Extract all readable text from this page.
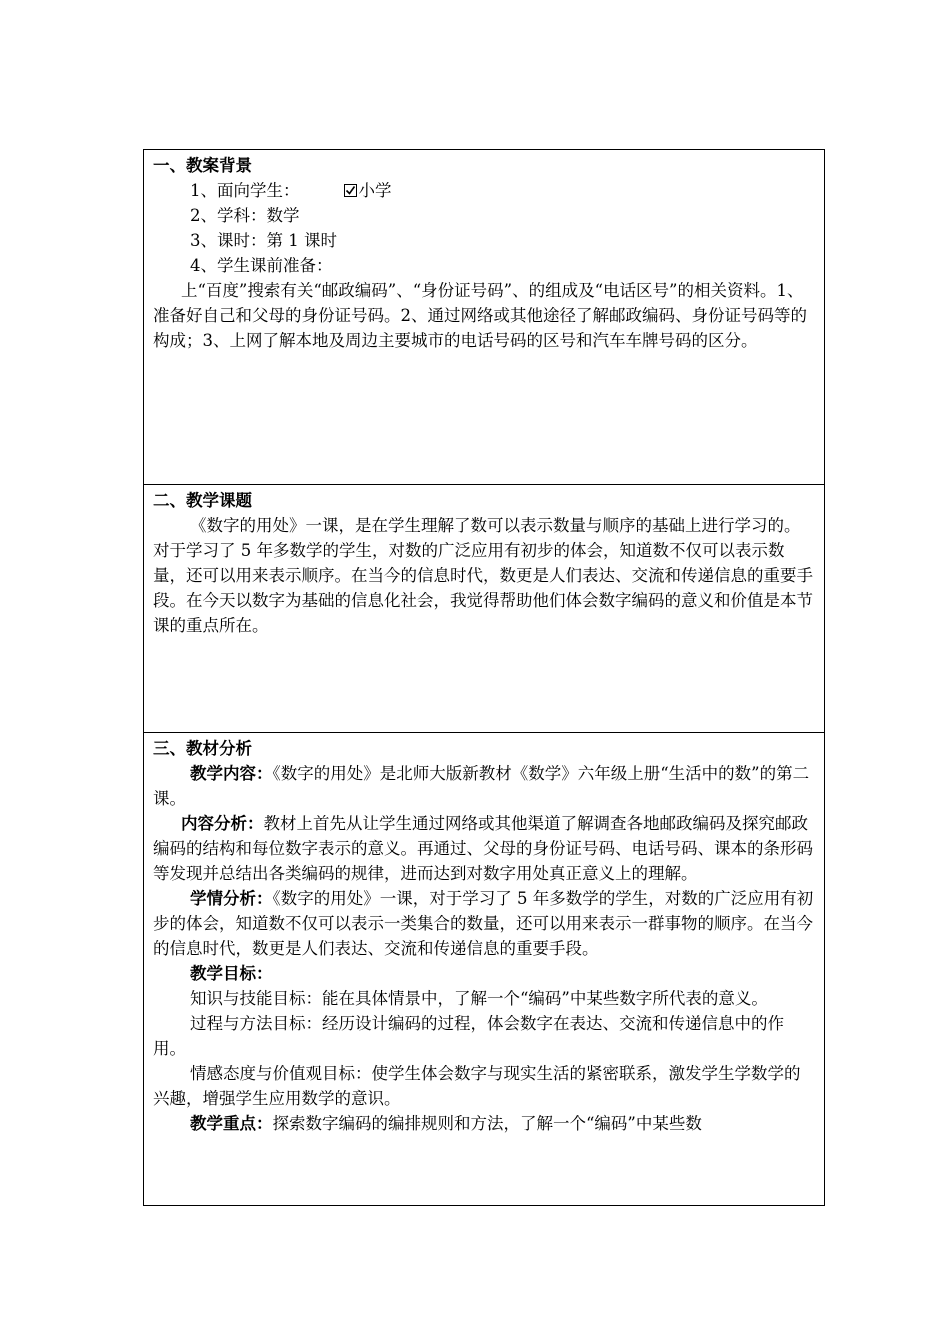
一、教案背景

1、面向学生：	小学

2、学科：数学

3、课时：第 1 课时

4、学生课前准备：

上“百度”搜索有关“邮政编码”、“身份证号码”、的组成及“电话区号”的相关资料。1、准备好自己和父母的身份证号码。2、通过网络或其他途径了解邮政编码、身份证号码等的构成；3、上网了解本地及周边主要城市的电话号码的区号和汽车车牌号码的区分。

二、教学课题

《数字的用处》一课，是在学生理解了数可以表示数量与顺序的基础上进行学习的。对于学习了 5 年多数学的学生，对数的广泛应用有初步的体会，知道数不仅可以表示数量，还可以用来表示顺序。在当今的信息时代，数更是人们表达、交流和传递信息的重要手段。在今天以数字为基础的信息化社会，我觉得帮助他们体会数字编码的意义和价值是本节课的重点所在。

三、教材分析

教学内容：《数字的用处》是北师大版新教材《数学》六年级上册“生活中的数”的第二课。

内容分析：教材上首先从让学生通过网络或其他渠道了解调查各地邮政编码及探究邮政编码的结构和每位数字表示的意义。再通过、父母的身份证号码、电话号码、课本的条形码等发现并总结出各类编码的规律，进而达到对数字用处真正意义上的理解。

学情分析：《数字的用处》一课，对于学习了 5 年多数学的学生，对数的广泛应用有初步的体会，知道数不仅可以表示一类集合的数量，还可以用来表示一群事物的顺序。在当今的信息时代，数更是人们表达、交流和传递信息的重要手段。

教学目标：

知识与技能目标：能在具体情景中，了解一个“编码”中某些数字所代表的意义。

过程与方法目标：经历设计编码的过程，体会数字在表达、交流和传递信息中的作用。

情感态度与价值观目标：使学生体会数字与现实生活的紧密联系，激发学生学数学的兴趣，增强学生应用数学的意识。

教学重点：探索数字编码的编排规则和方法，了解一个“编码”中某些数
